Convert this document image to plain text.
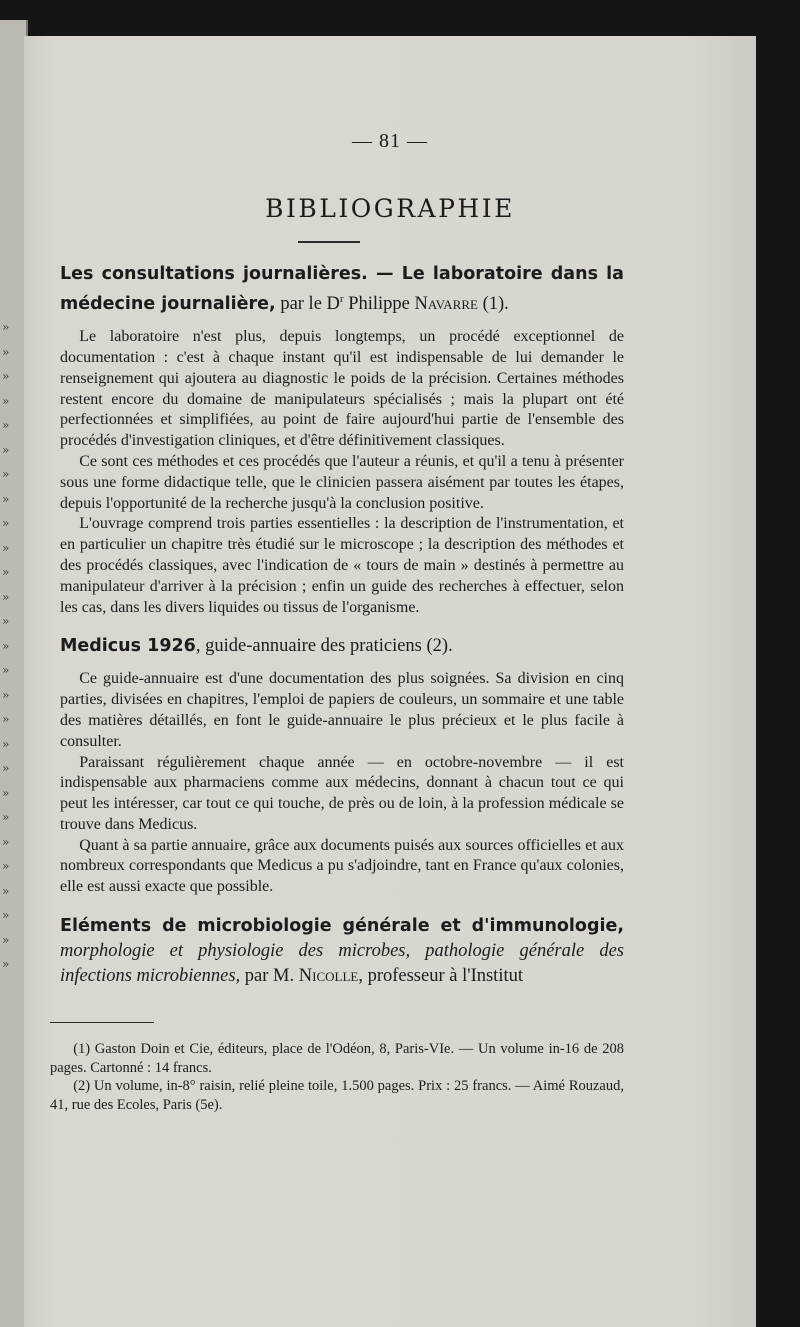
»
»
»
»
»
»
»
»
»
»
»
»
»
»
»
»
»
»
»
»
»
»
»
»
»
»
»
— 81 —
BIBLIOGRAPHIE

Les consultations journalières. — Le laboratoire dans la médecine journalière, par le $D^r$ Philippe Navarre (1).

Le laboratoire n'est plus, depuis longtemps, un procédé exceptionnel de documentation : c'est à chaque instant qu'il est indispensable de lui demander le renseignement qui ajoutera au diagnostic le poids de la précision. Certaines méthodes restent encore du domaine de manipulateurs spécialisés ; mais la plupart ont été perfectionnées et simplifiées, au point de faire aujourd'hui partie de l'ensemble des procédés d'investigation cliniques, et d'être définitivement classiques.

Ce sont ces méthodes et ces procédés que l'auteur a réunis, et qu'il a tenu à présenter sous une forme didactique telle, que le clinicien passera aisément par toutes les étapes, depuis l'opportunité de la recherche jusqu'à la conclusion positive.

L'ouvrage comprend trois parties essentielles : la description de l'instrumentation, et en particulier un chapitre très étudié sur le microscope ; la description des méthodes et des procédés classiques, avec l'indication de « tours de main » destinés à permettre au manipulateur d'arriver à la précision ; enfin un guide des recherches à effectuer, selon les cas, dans les divers liquides ou tissus de l'organisme.

Medicus 1926, guide-annuaire des praticiens (2).

Ce guide-annuaire est d'une documentation des plus soignées. Sa division en cinq parties, divisées en chapitres, l'emploi de papiers de couleurs, un sommaire et une table des matières détaillés, en font le guide-annuaire le plus précieux et le plus facile à consulter.

Paraissant régulièrement chaque année — en octobre-novembre — il est indispensable aux pharmaciens comme aux médecins, donnant à chacun tout ce qui peut les intéresser, car tout ce qui touche, de près ou de loin, à la profession médicale se trouve dans Medicus.

Quant à sa partie annuaire, grâce aux documents puisés aux sources officielles et aux nombreux correspondants que Medicus a pu s'adjoindre, tant en France qu'aux colonies, elle est aussi exacte que possible.

Eléments de microbiologie générale et d'immunologie, morphologie et physiologie des microbes, pathologie générale des infections microbiennes, par M. Nicolle, professeur à l'Institut

(1) Gaston Doin et Cie, éditeurs, place de l'Odéon, 8, Paris-VIe. — Un volume in-16 de 208 pages. Cartonné : 14 francs.

(2) Un volume, in-8° raisin, relié pleine toile, 1.500 pages. Prix : 25 francs. — Aimé Rouzaud, 41, rue des Ecoles, Paris (5e).
